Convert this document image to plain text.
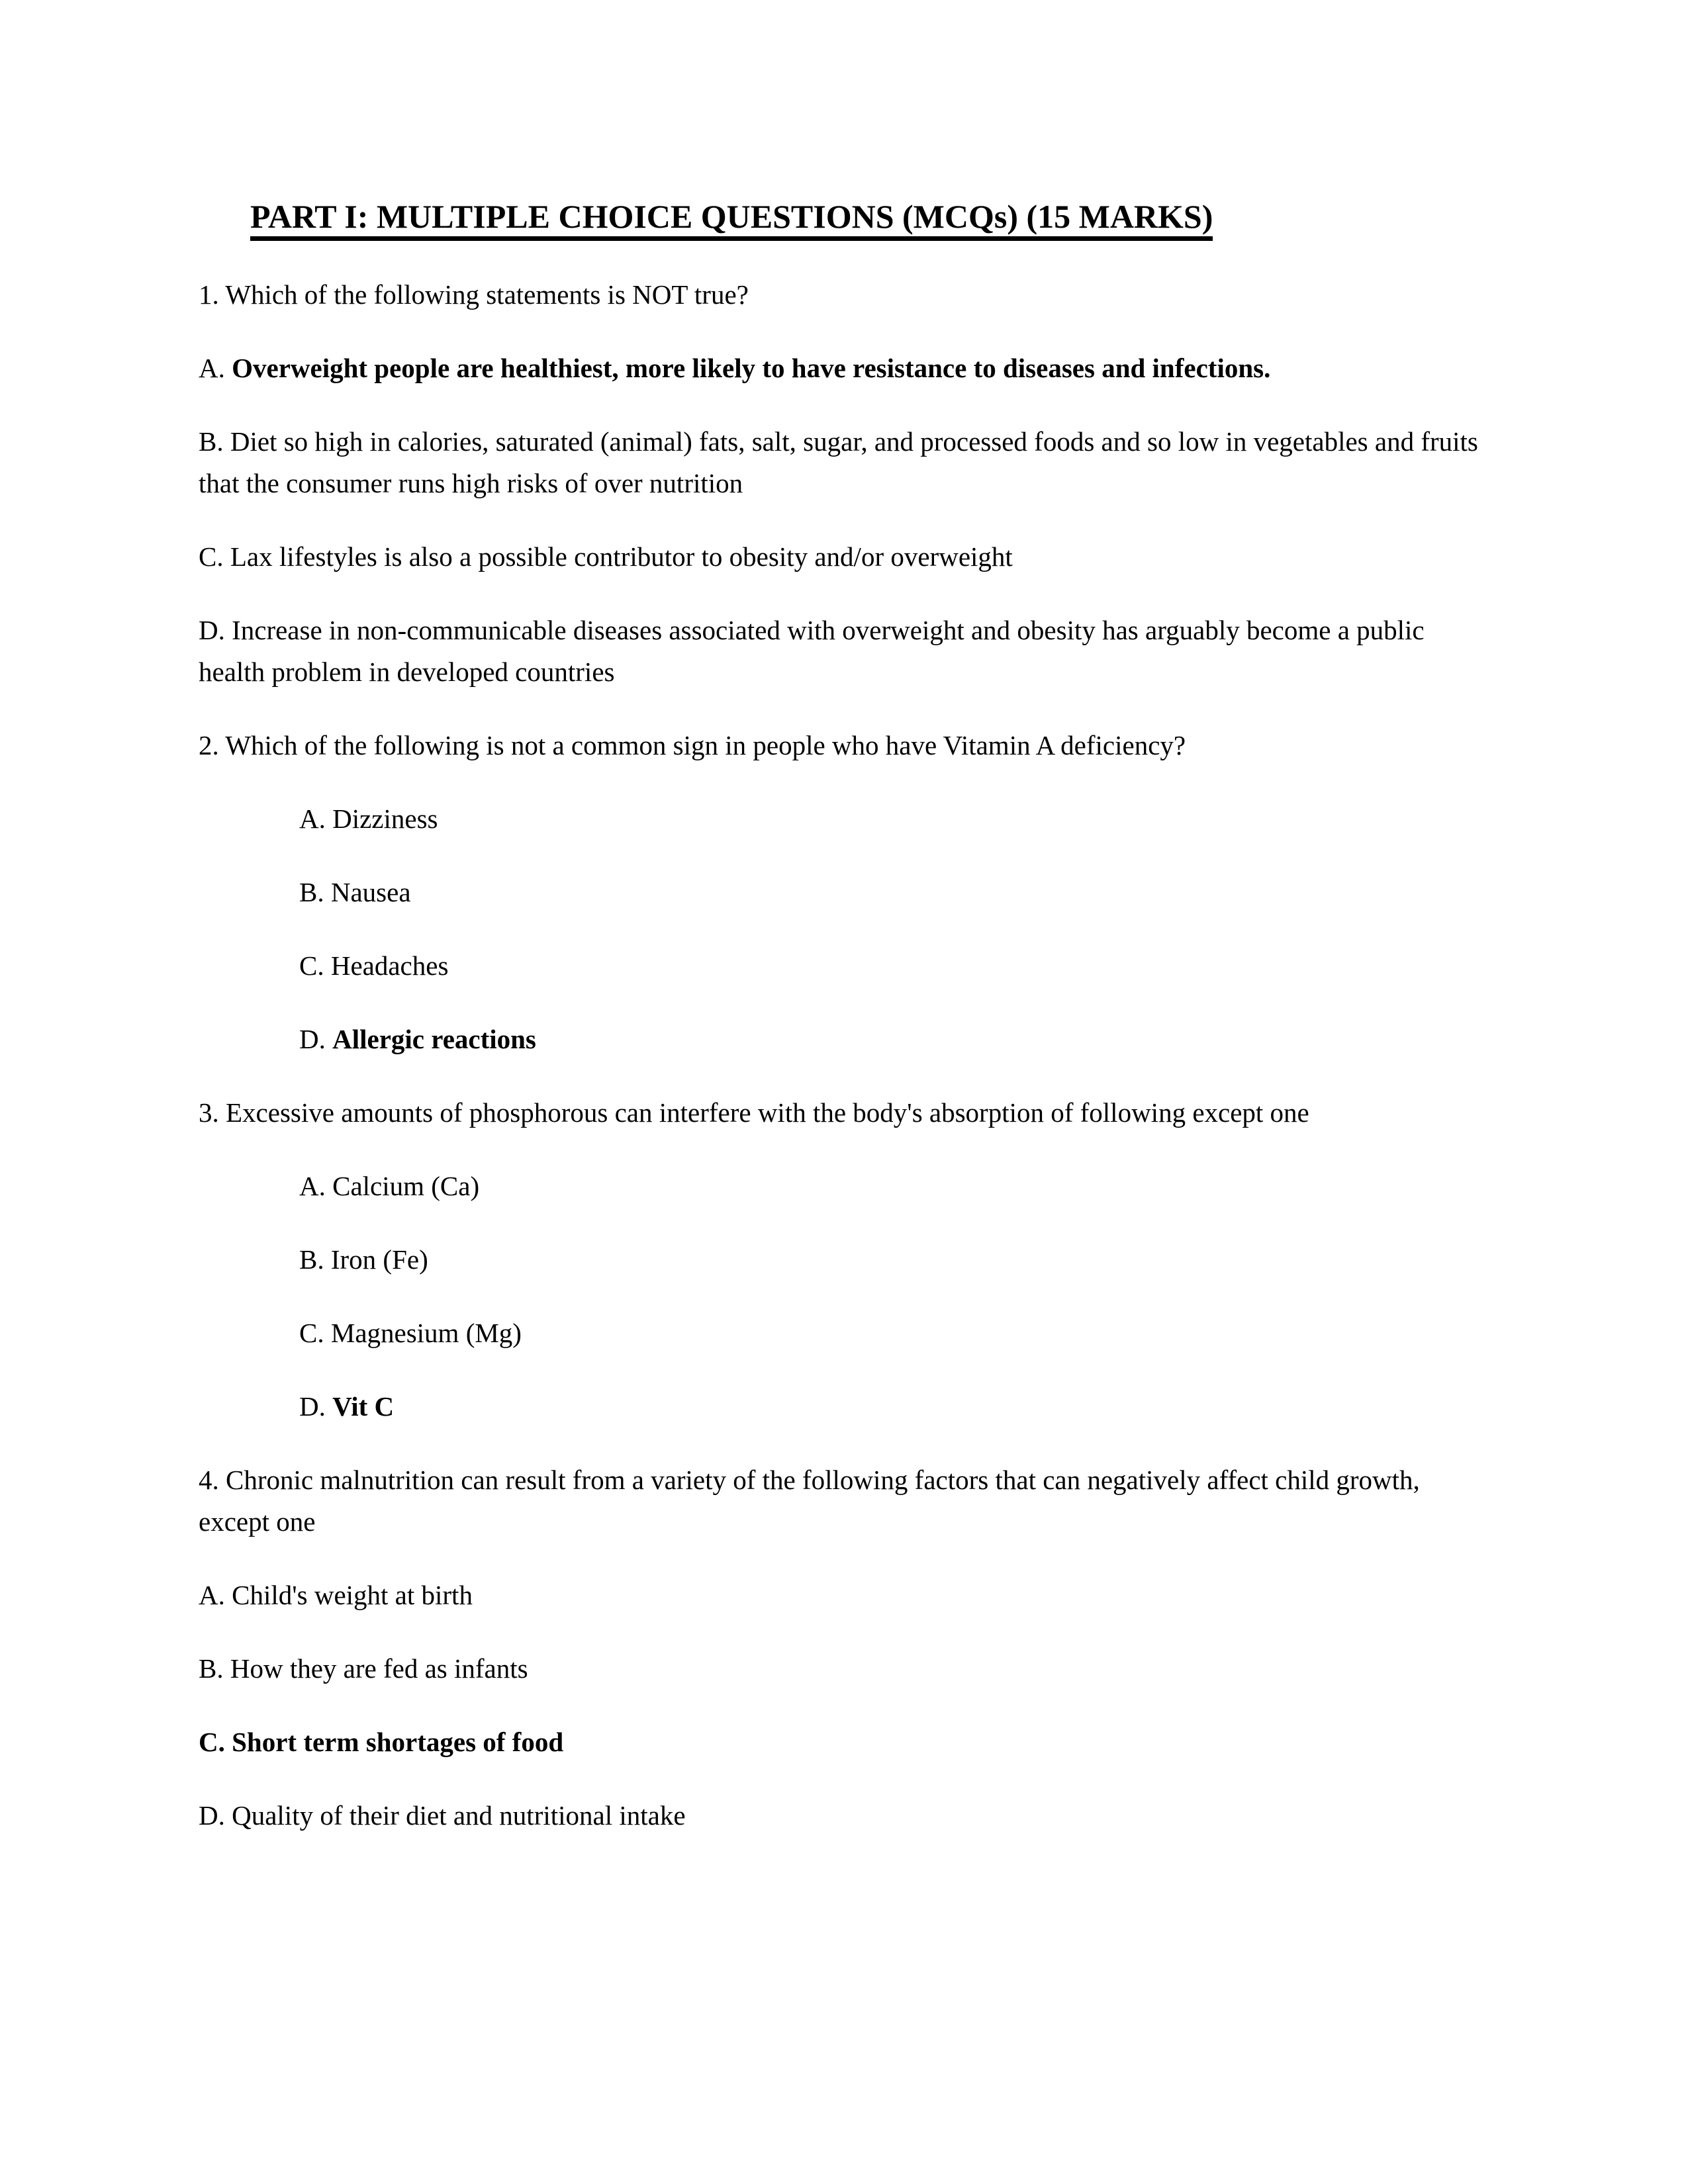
PART I: MULTIPLE CHOICE QUESTIONS (MCQs) (15 MARKS)

1. Which of the following statements is NOT true?

A. Overweight people are healthiest, more likely to have resistance to diseases and infections.

B. Diet so high in calories, saturated (animal) fats, salt, sugar, and processed foods and so low in vegetables and fruits that the consumer runs high risks of over nutrition

C. Lax lifestyles is also a possible contributor to obesity and/or overweight

D. Increase in non-communicable diseases associated with overweight and obesity has arguably become a public health problem in developed countries

2. Which of the following is not a common sign in people who have Vitamin A deficiency?

A. Dizziness

B. Nausea

C. Headaches

D. Allergic reactions

3. Excessive amounts of phosphorous can interfere with the body's absorption of following except one

A. Calcium (Ca)

B. Iron (Fe)

C. Magnesium (Mg)

D. Vit C

4. Chronic malnutrition can result from a variety of the following factors that can negatively affect child growth, except one

A. Child's weight at birth

B. How they are fed as infants

C. Short term shortages of food

D. Quality of their diet and nutritional intake
